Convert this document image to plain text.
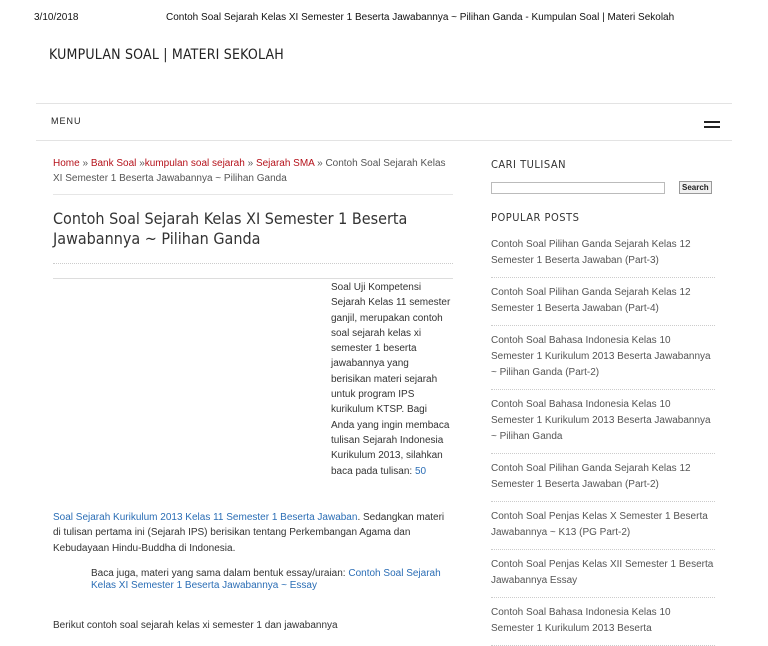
3/10/2018	Contoh Soal Sejarah Kelas XI Semester 1 Beserta Jawabannya ~ Pilihan Ganda - Kumpulan Soal | Materi Sekolah
KUMPULAN SOAL | MATERI SEKOLAH
MENU
Home » Bank Soal »kumpulan soal sejarah » Sejarah SMA » Contoh Soal Sejarah Kelas XI Semester 1 Beserta Jawabannya ~ Pilihan Ganda
Contoh Soal Sejarah Kelas XI Semester 1 Beserta Jawabannya ~ Pilihan Ganda
Soal Uji Kompetensi Sejarah Kelas 11 semester ganjil, merupakan contoh soal sejarah kelas xi semester 1 beserta jawabannya yang berisikan materi sejarah untuk program IPS kurikulum KTSP. Bagi Anda yang ingin membaca tulisan Sejarah Indonesia Kurikulum 2013, silahkan baca pada tulisan: 50
Soal Sejarah Kurikulum 2013 Kelas 11 Semester 1 Beserta Jawaban. Sedangkan materi di tulisan pertama ini (Sejarah IPS) berisikan tentang Perkembangan Agama dan Kebudayaan Hindu-Buddha di Indonesia.
Baca juga, materi yang sama dalam bentuk essay/uraian: Contoh Soal Sejarah Kelas XI Semester 1 Beserta Jawabannya ~ Essay
Berikut contoh soal sejarah kelas xi semester 1 dan jawabannya
CARI TULISAN
Search
POPULAR POSTS
Contoh Soal Pilihan Ganda Sejarah Kelas 12 Semester 1 Beserta Jawaban (Part-3)
Contoh Soal Pilihan Ganda Sejarah Kelas 12 Semester 1 Beserta Jawaban (Part-4)
Contoh Soal Bahasa Indonesia Kelas 10 Semester 1 Kurikulum 2013 Beserta Jawabannya ~ Pilihan Ganda (Part-2)
Contoh Soal Bahasa Indonesia Kelas 10 Semester 1 Kurikulum 2013 Beserta Jawabannya ~ Pilihan Ganda
Contoh Soal Pilihan Ganda Sejarah Kelas 12 Semester 1 Beserta Jawaban (Part-2)
Contoh Soal Penjas Kelas X Semester 1 Beserta Jawabannya ~ K13 (PG Part-2)
Contoh Soal Penjas Kelas XII Semester 1 Beserta Jawabannya Essay
Contoh Soal Bahasa Indonesia Kelas 10 Semester 1 Kurikulum 2013 Beserta
